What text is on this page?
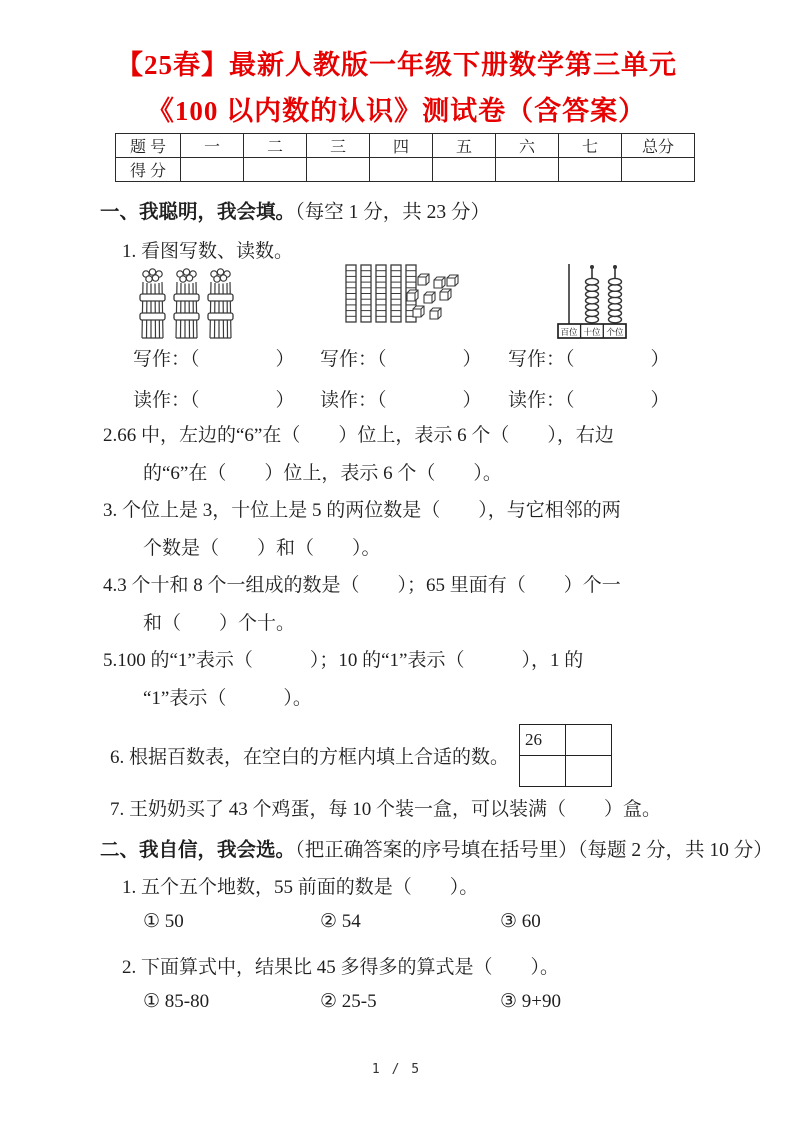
【25春】最新人教版一年级下册数学第三单元
《100 以内数的认识》测试卷（含答案）
题 号	一	二	三	四	五	六	七	总分
得 分								
一、我聪明，我会填。（每空 1 分，共 23 分）
1. 看图写数、读数。
百位 十位 个位
写作：（　　　　）	写作：（　　　　）	写作：（　　　　）
读作：（　　　　）	读作：（　　　　）	读作：（　　　　）
2.66 中，左边的“6”在（　　）位上，表示 6 个（　　），右边
的“6”在（　　）位上，表示 6 个（　　）。
3. 个位上是 3，十位上是 5 的两位数是（　　），与它相邻的两
个数是（　　）和（　　）。
4.3 个十和 8 个一组成的数是（　　）；65 里面有（　　）个一
和（　　）个十。
5.100 的“1”表示（　　　）；10 的“1”表示（　　　），1 的
“1”表示（　　　）。
6. 根据百数表，在空白的方框内填上合适的数。
26	

7. 王奶奶买了 43 个鸡蛋，每 10 个装一盒，可以装满（　　）盒。
二、我自信，我会选。（把正确答案的序号填在括号里）（每题 2 分，共 10 分）
1. 五个五个地数，55 前面的数是（　　）。
① 50	② 54	③ 60
2. 下面算式中，结果比 45 多得多的算式是（　　）。
① 85-80	② 25-5	③ 9+90
1 / 5
